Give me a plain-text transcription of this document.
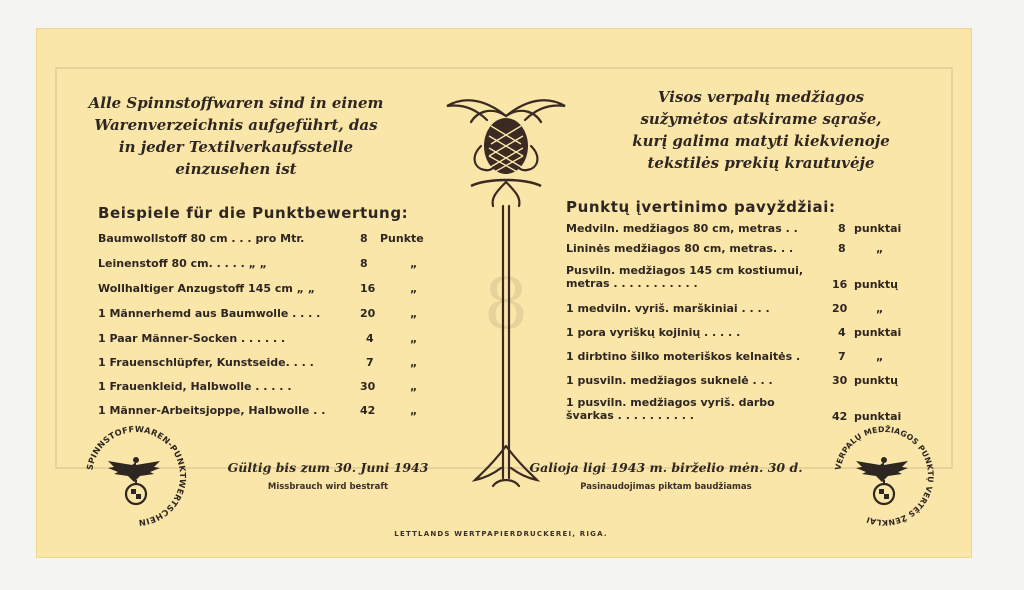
8
Alle Spinnstoffwaren sind in einem
Warenverzeichnis aufgeführt, das
in jeder Textilverkaufsstelle
einzusehen ist
Visos verpalų medžiagos
sužymėtos atskirame sąraše,
kurį galima matyti kiekvienoje
tekstilės prekių krautuvėje
Beispiele für die Punktbewertung:
Baumwollstoff 80 cm . . . pro Mtr.	8 Punkte
Leinenstoff 80 cm. . . . . „ „	8	„
Wollhaltiger Anzugstoff 145 cm „ „	16	„
1 Männerhemd aus Baumwolle . . . .	20	„
1 Paar Männer-Socken . . . . . .	4	„
1 Frauenschlüpfer, Kunstseide. . . .	7	„
1 Frauenkleid, Halbwolle . . . . .	30	„
1 Männer-Arbeitsjoppe, Halbwolle . .	42	„
Punktų įvertinimo pavyždžiai:
Medviln. medžiagos 80 cm, metras . .	8 punktai
Lininės medžiagos 80 cm, metras. . .	8	„
Pusviln. medžiagos 145 cm kostiumui,
metras . . . . . . . . . . .	16 punktų
1 medviln. vyriš. marškiniai . . . .	20	„
1 pora vyriškų kojinių . . . . .	4 punktai
1 dirbtino šilko moteriškos kelnaitės .	7	„
1 pusviln. medžiagos suknelė . . .	30 punktų
1 pusviln. medžiagos vyriš. darbo
švarkas . . . . . . . . . .	42 punktai
Gültig bis zum 30. Juni 1943
Missbrauch wird bestraft
Galioja ligi 1943 m. birželio mėn. 30 d.
Pasinaudojimas piktam baudžiamas
LETTLANDS WERTPAPIERDRUCKEREI, RIGA.
SPINNSTOFFWAREN-PUNKTWERTSCHEIN
VERPALŲ MEDŽIAGOS PUNKTŲ VERTĖS ŽENKLAI
